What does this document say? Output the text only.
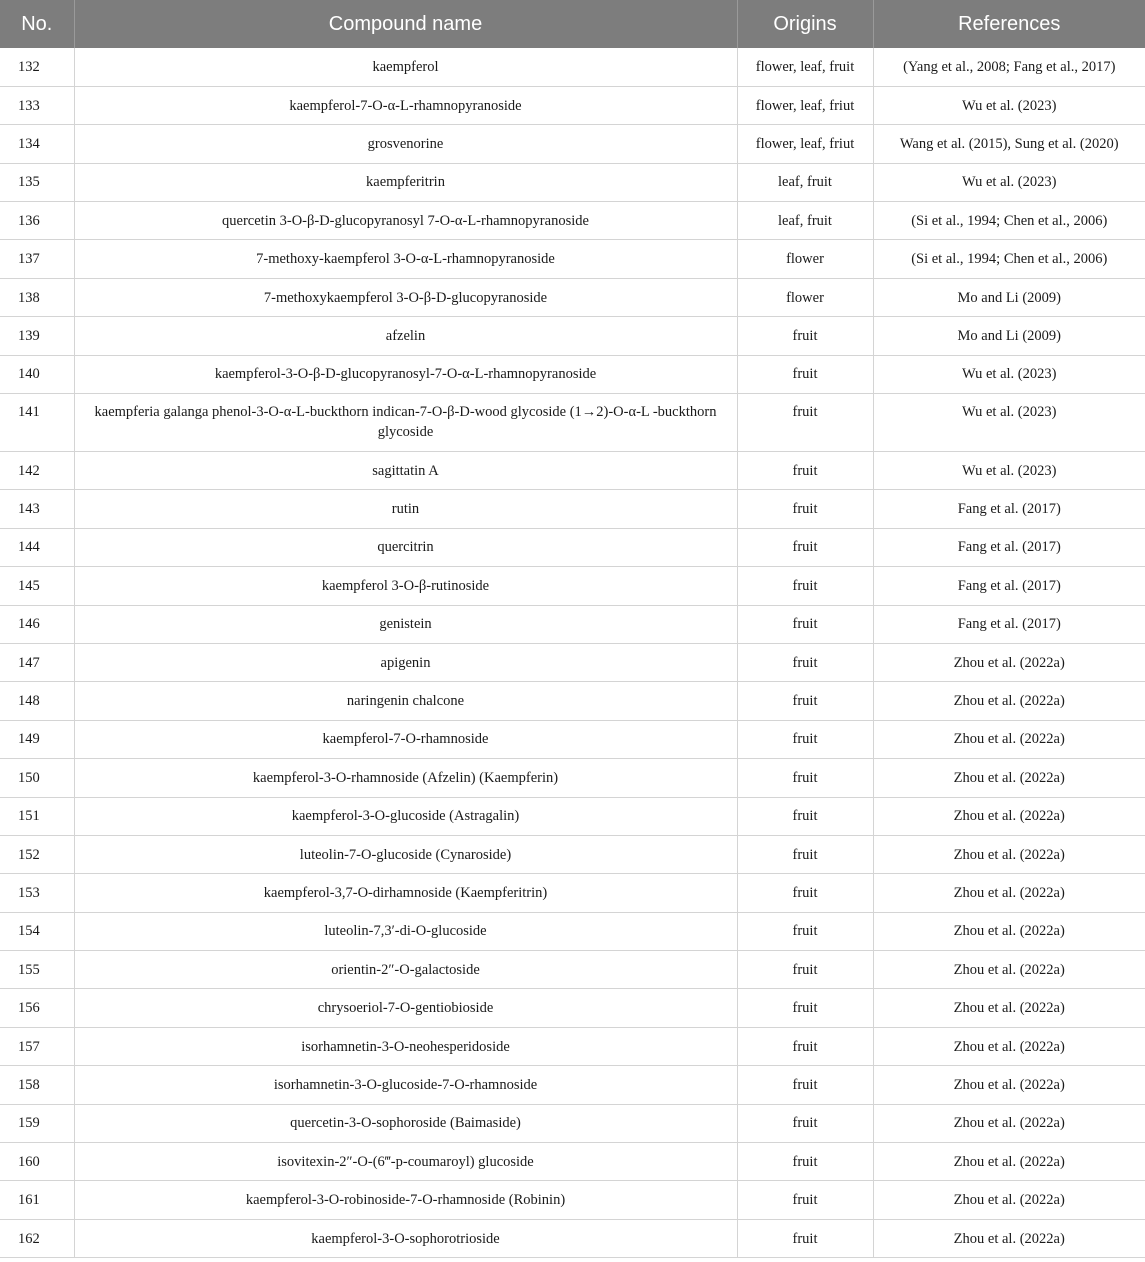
No.	Compound name	Origins	References
132	kaempferol	flower, leaf, fruit	(Yang et al., 2008; Fang et al., 2017)
133	kaempferol-7-O-α-L-rhamnopyranoside	flower, leaf, friut	Wu et al. (2023)
134	grosvenorine	flower, leaf, friut	Wang et al. (2015), Sung et al. (2020)
135	kaempferitrin	leaf, fruit	Wu et al. (2023)
136	quercetin 3-O-β-D-glucopyranosyl 7-O-α-L-rhamnopyranoside	leaf, fruit	(Si et al., 1994; Chen et al., 2006)
137	7-methoxy-kaempferol 3-O-α-L-rhamnopyranoside	flower	(Si et al., 1994; Chen et al., 2006)
138	7-methoxykaempferol 3-O-β-D-glucopyranoside	flower	Mo and Li (2009)
139	afzelin	fruit	Mo and Li (2009)
140	kaempferol-3-O-β-D-glucopyranosyl-7-O-α-L-rhamnopyranoside	fruit	Wu et al. (2023)
141	kaempferia galanga phenol-3-O-α-L-buckthorn indican-7-O-β-D-wood glycoside (1→2)-O-α-L -buckthorn glycoside	fruit	Wu et al. (2023)
142	sagittatin A	fruit	Wu et al. (2023)
143	rutin	fruit	Fang et al. (2017)
144	quercitrin	fruit	Fang et al. (2017)
145	kaempferol 3-O-β-rutinoside	fruit	Fang et al. (2017)
146	genistein	fruit	Fang et al. (2017)
147	apigenin	fruit	Zhou et al. (2022a)
148	naringenin chalcone	fruit	Zhou et al. (2022a)
149	kaempferol-7-O-rhamnoside	fruit	Zhou et al. (2022a)
150	kaempferol-3-O-rhamnoside (Afzelin) (Kaempferin)	fruit	Zhou et al. (2022a)
151	kaempferol-3-O-glucoside (Astragalin)	fruit	Zhou et al. (2022a)
152	luteolin-7-O-glucoside (Cynaroside)	fruit	Zhou et al. (2022a)
153	kaempferol-3,7-O-dirhamnoside (Kaempferitrin)	fruit	Zhou et al. (2022a)
154	luteolin-7,3′-di-O-glucoside	fruit	Zhou et al. (2022a)
155	orientin-2″-O-galactoside	fruit	Zhou et al. (2022a)
156	chrysoeriol-7-O-gentiobioside	fruit	Zhou et al. (2022a)
157	isorhamnetin-3-O-neohesperidoside	fruit	Zhou et al. (2022a)
158	isorhamnetin-3-O-glucoside-7-O-rhamnoside	fruit	Zhou et al. (2022a)
159	quercetin-3-O-sophoroside (Baimaside)	fruit	Zhou et al. (2022a)
160	isovitexin-2″-O-(6‴-p-coumaroyl) glucoside	fruit	Zhou et al. (2022a)
161	kaempferol-3-O-robinoside-7-O-rhamnoside (Robinin)	fruit	Zhou et al. (2022a)
162	kaempferol-3-O-sophorotrioside	fruit	Zhou et al. (2022a)
